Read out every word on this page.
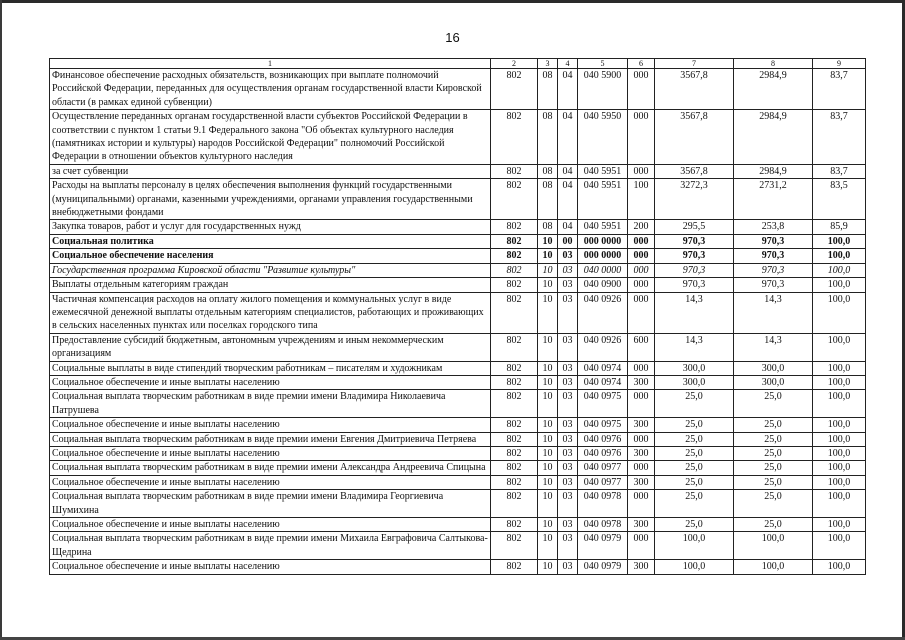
16
1	2	3	4	5	6	7	8	9
Финансовое обеспечение расходных обязательств, возникающих при выплате полномочий Российской Федерации, переданных для осуществления органам государственной власти Кировской области (в рамках единой субвенции)	802	08	04	040 5900	000	3567,8	2984,9	83,7
Осуществление переданных органам государственной власти субъектов Российской Федерации в соответствии с пунктом 1 статьи 9.1 Федерального закона "Об объектах культурного наследия (памятниках истории и культуры) народов Российской Федерации" полномочий Российской Федерации в отношении объектов культурного наследия	802	08	04	040 5950	000	3567,8	2984,9	83,7
за счет субвенции	802	08	04	040 5951	000	3567,8	2984,9	83,7
Расходы на выплаты персоналу в целях обеспечения выполнения функций государственными (муниципальными) органами, казенными учреждениями, органами управления государственными внебюджетными фондами	802	08	04	040 5951	100	3272,3	2731,2	83,5
Закупка товаров, работ и услуг для государственных нужд	802	08	04	040 5951	200	295,5	253,8	85,9
Социальная политика	802	10	00	000 0000	000	970,3	970,3	100,0
Социальное обеспечение населения	802	10	03	000 0000	000	970,3	970,3	100,0
Государственная программа Кировской области "Развитие культуры"	802	10	03	040 0000	000	970,3	970,3	100,0
Выплаты отдельным категориям граждан	802	10	03	040 0900	000	970,3	970,3	100,0
Частичная компенсация расходов на оплату жилого помещения и коммунальных услуг в виде ежемесячной денежной выплаты отдельным категориям специалистов, работающих и проживающих в сельских населенных пунктах или поселках городского типа	802	10	03	040 0926	000	14,3	14,3	100,0
Предоставление субсидий бюджетным, автономным учреждениям и иным некоммерческим организациям	802	10	03	040 0926	600	14,3	14,3	100,0
Социальные выплаты в виде стипендий творческим работникам – писателям и художникам	802	10	03	040 0974	000	300,0	300,0	100,0
Социальное обеспечение и иные выплаты населению	802	10	03	040 0974	300	300,0	300,0	100,0
Социальная выплата творческим работникам в виде премии имени Владимира Николаевича Патрушева	802	10	03	040 0975	000	25,0	25,0	100,0
Социальное обеспечение и иные выплаты населению	802	10	03	040 0975	300	25,0	25,0	100,0
Социальная выплата творческим работникам в виде премии имени Евгения Дмитриевича Петряева	802	10	03	040 0976	000	25,0	25,0	100,0
Социальное обеспечение и иные выплаты населению	802	10	03	040 0976	300	25,0	25,0	100,0
Социальная выплата творческим работникам в виде премии имени Александра Андреевича Спицына	802	10	03	040 0977	000	25,0	25,0	100,0
Социальное обеспечение и иные выплаты населению	802	10	03	040 0977	300	25,0	25,0	100,0
Социальная выплата творческим работникам в виде премии имени Владимира Георгиевича Шумихина	802	10	03	040 0978	000	25,0	25,0	100,0
Социальное обеспечение и иные выплаты населению	802	10	03	040 0978	300	25,0	25,0	100,0
Социальная выплата творческим работникам в виде премии имени Михаила Евграфовича Салтыкова-Щедрина	802	10	03	040 0979	000	100,0	100,0	100,0
Социальное обеспечение и иные выплаты населению	802	10	03	040 0979	300	100,0	100,0	100,0
